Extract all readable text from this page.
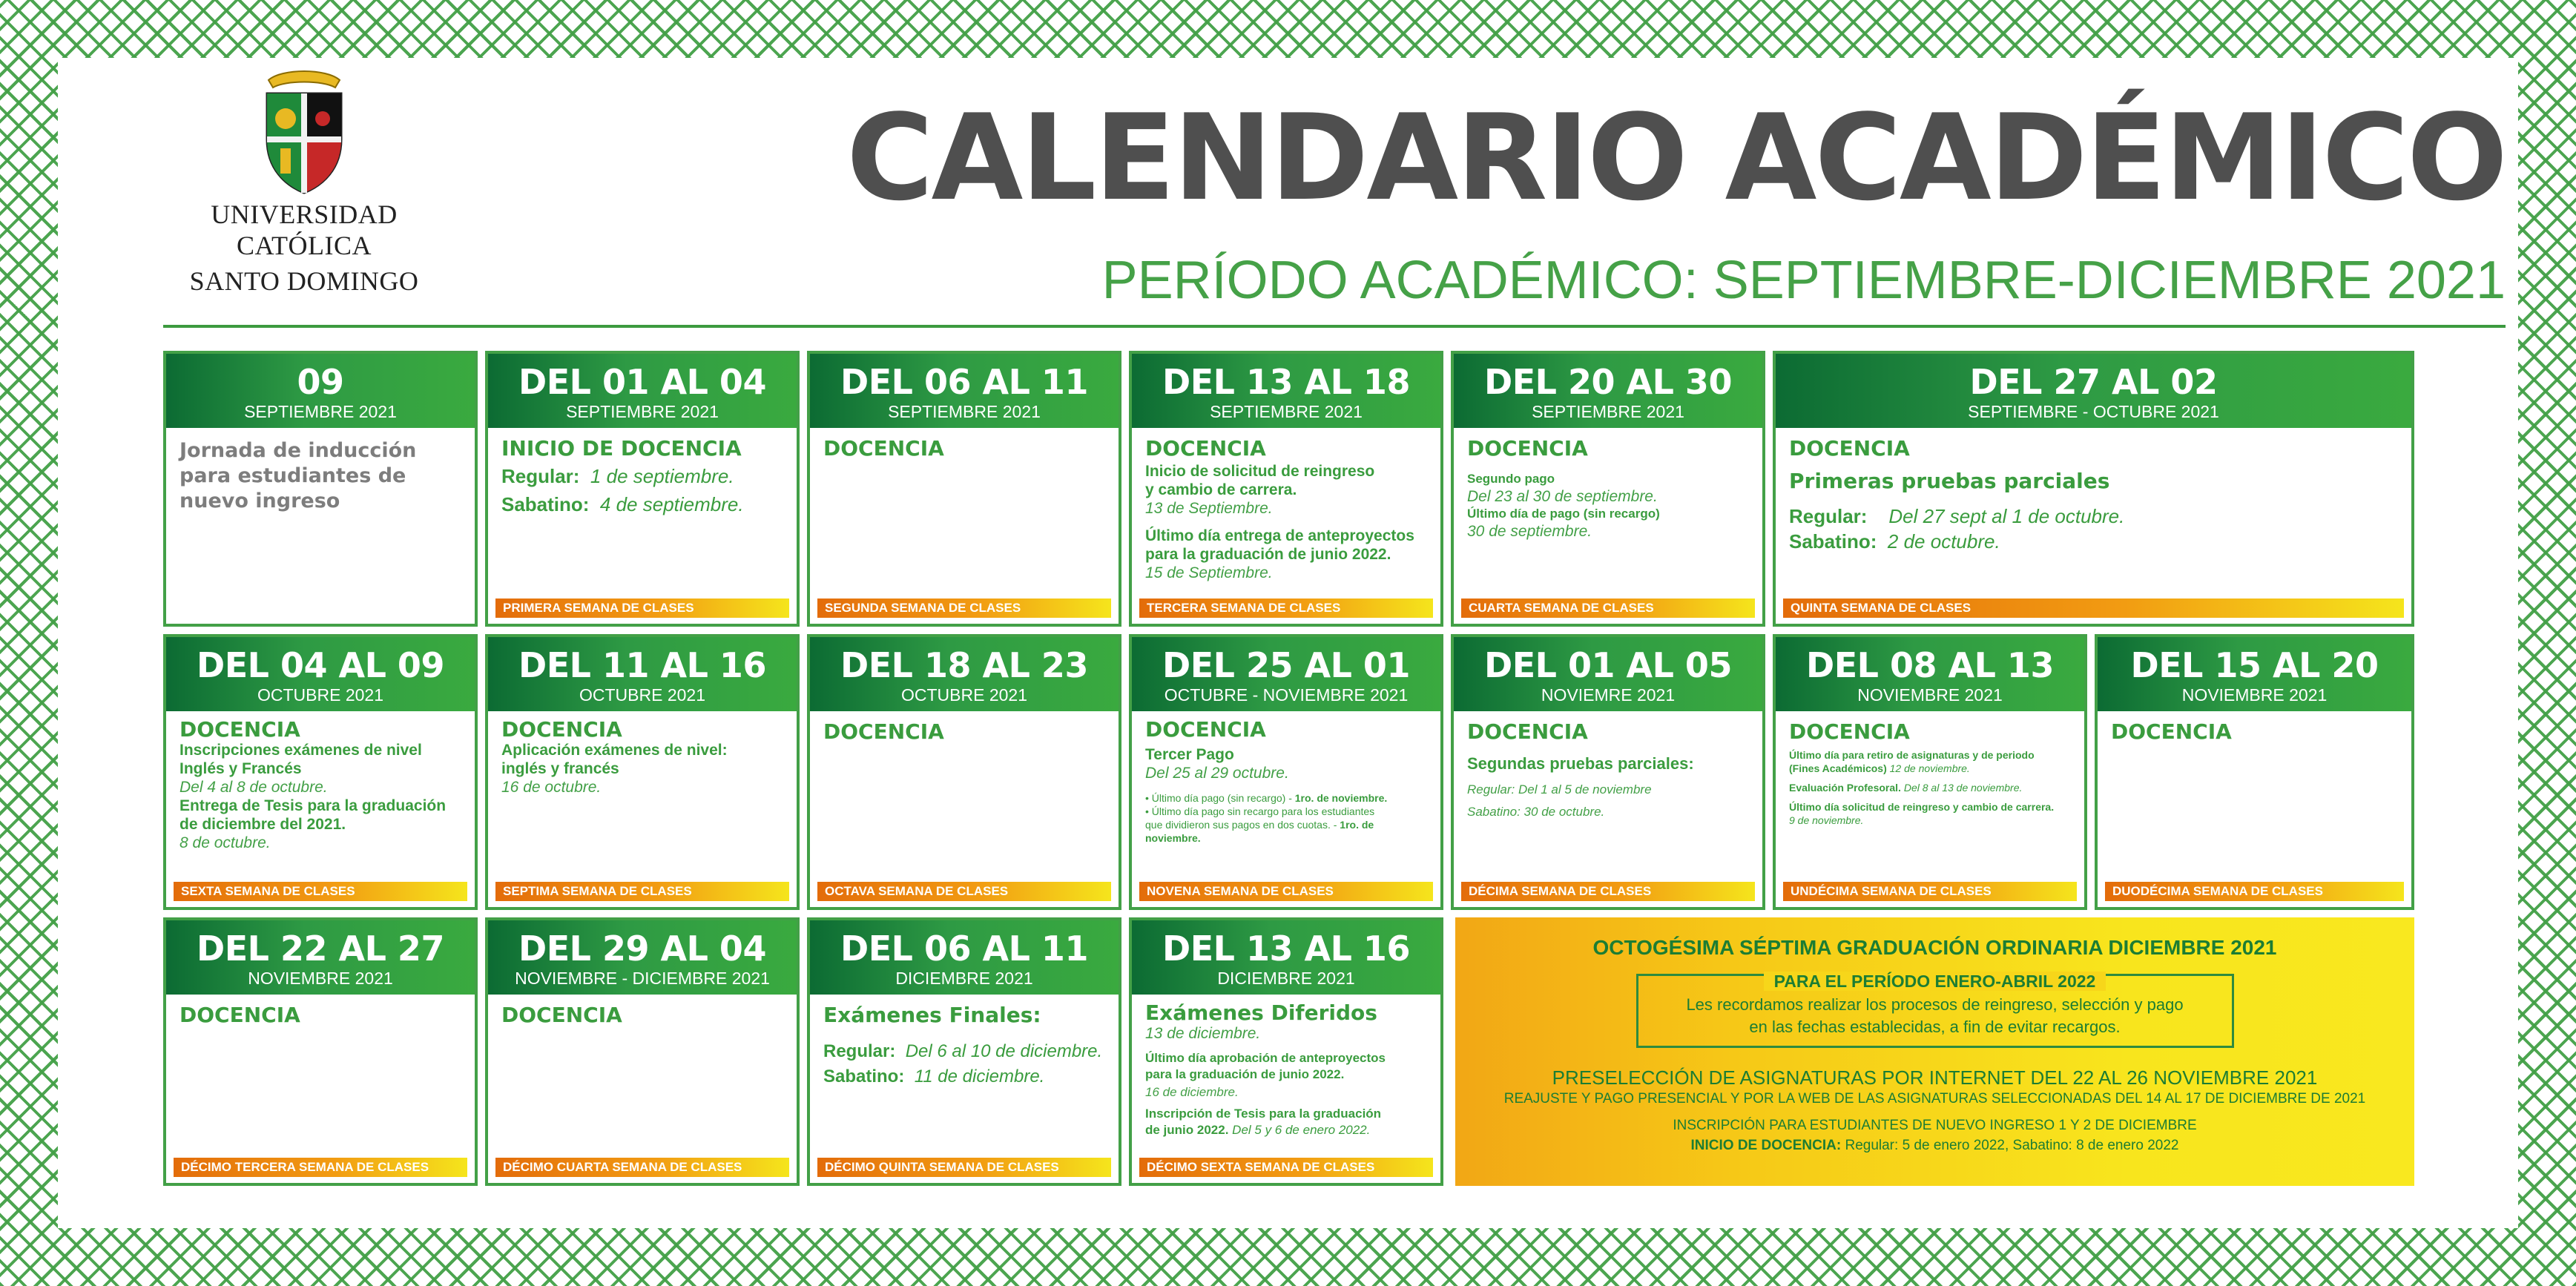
UNIVERSIDAD CATÓLICA
SANTO DOMINGO
CALENDARIO ACADÉMICO
PERÍODO ACADÉMICO: SEPTIEMBRE-DICIEMBRE 2021
09
SEPTIEMBRE 2021
Jornada de inducción
para estudiantes de
nuevo ingreso
DEL 01 AL 04
SEPTIEMBRE 2021
INICIO DE DOCENCIA
Regular: 1 de septiembre.
Sabatino: 4 de septiembre.
PRIMERA SEMANA DE CLASES
DEL 06 AL 11
SEPTIEMBRE 2021
DOCENCIA
SEGUNDA SEMANA DE CLASES
DEL 13 AL 18
SEPTIEMBRE 2021
DOCENCIA
Inicio de solicitud de reingreso
y cambio de carrera.
13 de Septiembre.
Último día entrega de anteproyectos
para la graduación de junio 2022.
15 de Septiembre.
TERCERA SEMANA DE CLASES
DEL 20 AL 30
SEPTIEMBRE 2021
DOCENCIA
Segundo pago
Del 23 al 30 de septiembre.
Último día de pago (sin recargo)
30 de septiembre.
CUARTA SEMANA DE CLASES
DEL 27 AL 02
SEPTIEMBRE - OCTUBRE 2021
DOCENCIA
Primeras pruebas parciales
Regular: Del 27 sept al 1 de octubre.
Sabatino: 2 de octubre.
QUINTA SEMANA DE CLASES
DEL 04 AL 09
OCTUBRE 2021
DOCENCIA
Inscripciones exámenes de nivel
Inglés y Francés
Del 4 al 8 de octubre.
Entrega de Tesis para la graduación
de diciembre del 2021.
8 de octubre.
SEXTA SEMANA DE CLASES
DEL 11 AL 16
OCTUBRE 2021
DOCENCIA
Aplicación exámenes de nivel:
inglés y francés
16 de octubre.
SEPTIMA SEMANA DE CLASES
DEL 18 AL 23
OCTUBRE 2021
DOCENCIA
OCTAVA SEMANA DE CLASES
DEL 25 AL 01
OCTUBRE - NOVIEMBRE 2021
DOCENCIA
Tercer Pago
Del 25 al 29 octubre.
• Último día pago (sin recargo) - 1ro. de noviembre.
• Último día pago sin recargo para los estudiantes
que dividieron sus pagos en dos cuotas. - 1ro. de noviembre.
NOVENA SEMANA DE CLASES
DEL 01 AL 05
NOVIEMRE 2021
DOCENCIA
Segundas pruebas parciales:
Regular: Del 1 al 5 de noviembre
Sabatino: 30 de octubre.
DÉCIMA SEMANA DE CLASES
DEL 08 AL 13
NOVIEMBRE 2021
DOCENCIA
Último día para retiro de asignaturas y de periodo
(Fines Académicos) 12 de noviembre.
Evaluación Profesoral. Del 8 al 13 de noviembre.
Último día solicitud de reingreso y cambio de carrera.
9 de noviembre.
UNDÉCIMA SEMANA DE CLASES
DEL 15 AL 20
NOVIEMBRE 2021
DOCENCIA
DUODÉCIMA SEMANA DE CLASES
DEL 22 AL 27
NOVIEMBRE 2021
DOCENCIA
DÉCIMO TERCERA SEMANA DE CLASES
DEL 29 AL 04
NOVIEMBRE - DICIEMBRE 2021
DOCENCIA
DÉCIMO CUARTA SEMANA DE CLASES
DEL 06 AL 11
DICIEMBRE 2021
Exámenes Finales:
Regular: Del 6 al 10 de diciembre.
Sabatino: 11 de diciembre.
DÉCIMO QUINTA SEMANA DE CLASES
DEL 13 AL 16
DICIEMBRE 2021
Exámenes Diferidos
13 de diciembre.
Último día aprobación de anteproyectos
para la graduación de junio 2022.
16 de diciembre.
Inscripción de Tesis para la graduación
de junio 2022. Del 5 y 6 de enero 2022.
DÉCIMO SEXTA SEMANA DE CLASES
OCTOGÉSIMA SÉPTIMA GRADUACIÓN ORDINARIA DICIEMBRE 2021
PARA EL PERÍODO ENERO-ABRIL 2022
Les recordamos realizar los procesos de reingreso, selección y pago
en las fechas establecidas, a fin de evitar recargos.
PRESELECCIÓN DE ASIGNATURAS POR INTERNET DEL 22 AL 26 NOVIEMBRE 2021
REAJUSTE Y PAGO PRESENCIAL Y POR LA WEB DE LAS ASIGNATURAS SELECCIONADAS DEL 14 AL 17 DE DICIEMBRE DE 2021
INSCRIPCIÓN PARA ESTUDIANTES DE NUEVO INGRESO 1 Y 2 DE DICIEMBRE
INICIO DE DOCENCIA: Regular: 5 de enero 2022, Sabatino: 8 de enero 2022
